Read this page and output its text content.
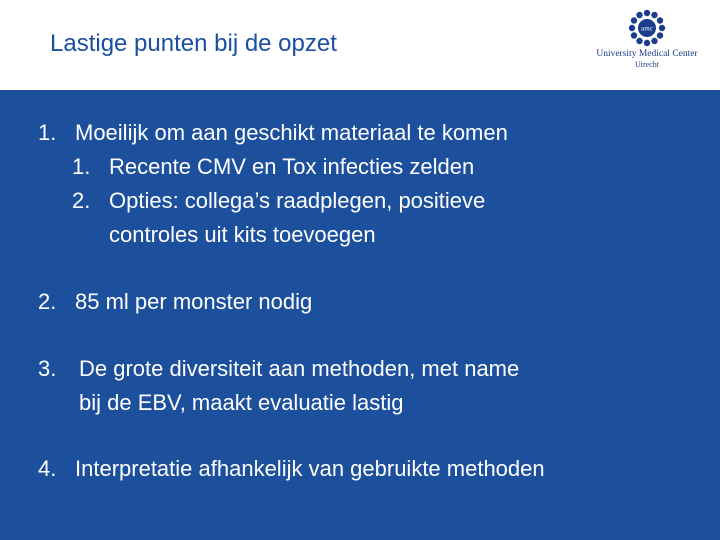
Lastige punten bij de opzet
umc
University Medical Center
Utrecht
1. Moeilijk om aan geschikt materiaal te komen
1. Recente CMV en Tox infecties zelden
2. Opties: collega’s raadplegen, positieve
controles uit kits toevoegen
2. 85 ml per monster nodig
3. De grote diversiteit aan methoden, met name
bij de EBV, maakt evaluatie lastig
4. Interpretatie afhankelijk van gebruikte methoden
